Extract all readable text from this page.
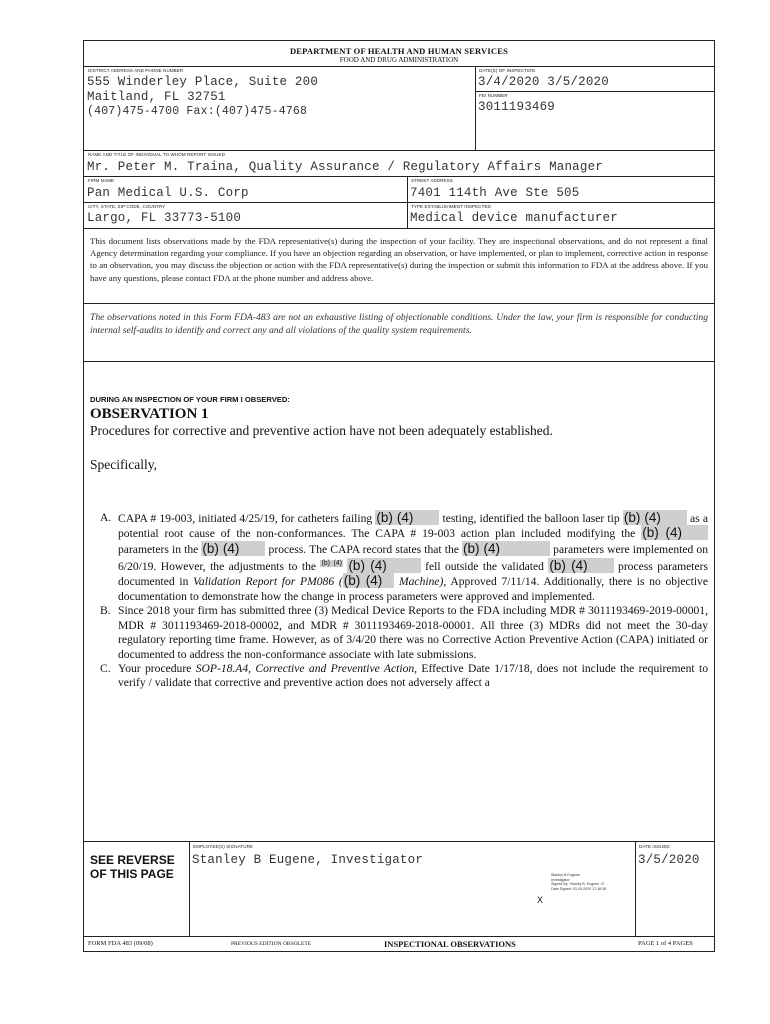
DEPARTMENT OF HEALTH AND HUMAN SERVICES
FOOD AND DRUG ADMINISTRATION
DISTRICT ADDRESS AND PHONE NUMBER
555 Winderley Place, Suite 200
Maitland, FL 32751
(407)475-4700 Fax:(407)475-4768
DATE(S) OF INSPECTION
3/4/2020 3/5/2020
FEI NUMBER
3011193469
NAME AND TITLE OF INDIVIDUAL TO WHOM REPORT ISSUED
Mr. Peter M. Traina, Quality Assurance / Regulatory Affairs Manager
FIRM NAME
Pan Medical U.S. Corp
STREET ADDRESS
7401 114th Ave Ste 505
CITY, STATE, ZIP CODE, COUNTRY
Largo, FL 33773-5100
TYPE ESTABLISHMENT INSPECTED
Medical device manufacturer
This document lists observations made by the FDA representative(s) during the inspection of your facility. They are inspectional observations, and do not represent a final Agency determination regarding your compliance. If you have an objection regarding an observation, or have implemented, or plan to implement, corrective action in response to an observation, you may discuss the objection or action with the FDA representative(s) during the inspection or submit this information to FDA at the address above. If you have any questions, please contact FDA at the phone number and address above.
The observations noted in this Form FDA-483 are not an exhaustive listing of objectionable conditions. Under the law, your firm is responsible for conducting internal self-audits to identify and correct any and all violations of the quality system requirements.
DURING AN INSPECTION OF YOUR FIRM I OBSERVED:
OBSERVATION 1
Procedures for corrective and preventive action have not been adequately established.
Specifically,
A. CAPA # 19-003, initiated 4/25/19, for catheters failing (b) (4) testing, identified the balloon laser tip (b) (4) as a potential root cause of the non-conformances. The CAPA # 19-003 action plan included modifying the (b) (4) parameters in the (b) (4) process. The CAPA record states that the (b) (4)	parameters were implemented on 6/20/19. However, the adjustments to the $^{(b) (4)}$ (b) (4)	fell outside the validated (b) (4) process parameters documented in Validation Report for PM086 ((b) (4) Machine), Approved 7/11/14. Additionally, there is no objective documentation to demonstrate how the change in process parameters were approved and implemented.
B. Since 2018 your firm has submitted three (3) Medical Device Reports to the FDA including MDR # 3011193469-2019-00001, MDR # 3011193469-2018-00002, and MDR # 3011193469-2018-00001. All three (3) MDRs did not meet the 30-day regulatory reporting time frame. However, as of 3/4/20 there was no Corrective Action Preventive Action (CAPA) initiated or documented to address the non-conformance associate with late submissions.
C. Your procedure SOP-18.A4, Corrective and Preventive Action, Effective Date 1/17/18, does not include the requirement to verify / validate that corrective and preventive action does not adversely affect a
SEE REVERSE
OF THIS PAGE
EMPLOYEE(S) SIGNATURE
Stanley B Eugene, Investigator
X
Stanley B Eugene
Investigator
Signed By: Stanley B. Eugene -S
Date Signed: 03-05-2020 17:38:38
DATE ISSUED
3/5/2020
FORM FDA 483 (09/08)	PREVIOUS EDITION OBSOLETE	INSPECTIONAL OBSERVATIONS	PAGE 1 of 4 PAGES
